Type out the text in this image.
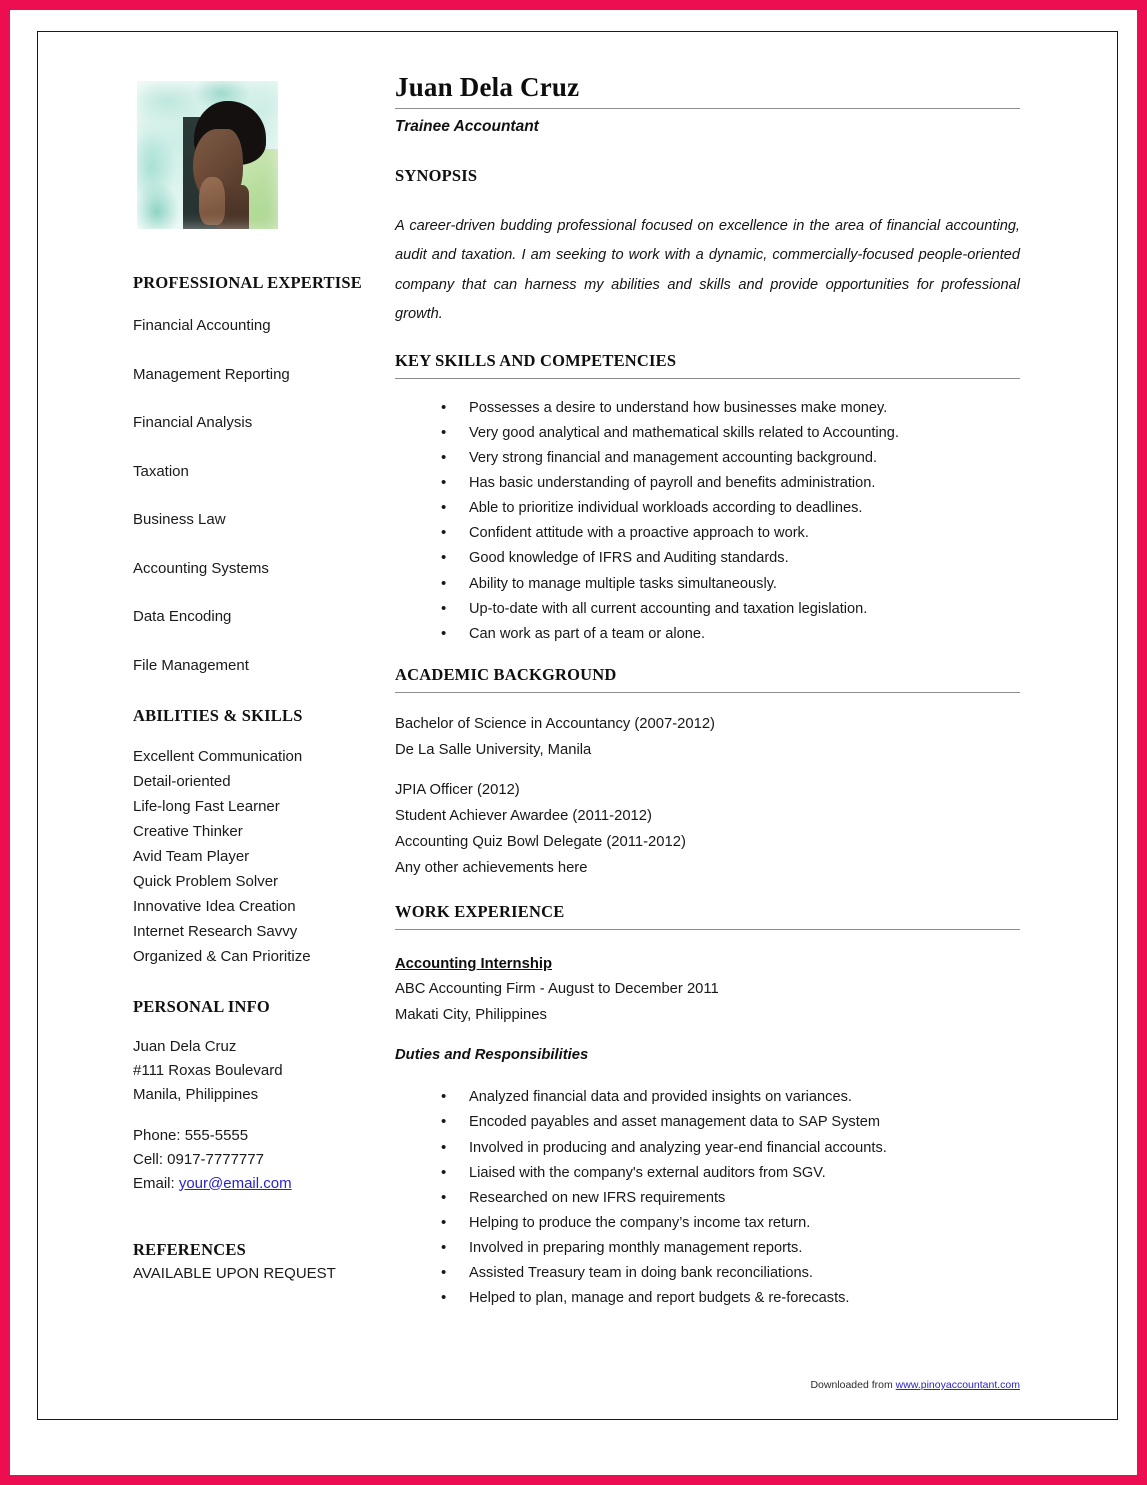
PROFESSIONAL EXPERTISE
Financial Accounting
Management Reporting
Financial Analysis
Taxation
Business Law
Accounting Systems
Data Encoding
File Management
ABILITIES & SKILLS
Excellent Communication
Detail-oriented
Life-long Fast Learner
Creative Thinker
Avid Team Player
Quick Problem Solver
Innovative Idea Creation
Internet Research Savvy
Organized & Can Prioritize
PERSONAL INFO
Juan Dela Cruz
#111 Roxas Boulevard
Manila, Philippines
Phone: 555-5555
Cell: 0917-7777777
Email: your@email.com
REFERENCES
AVAILABLE UPON REQUEST
Juan Dela Cruz
Trainee Accountant
SYNOPSIS
A career-driven budding professional focused on excellence in the area of financial accounting, audit and taxation. I am seeking to work with a dynamic, commercially-focused people-oriented company that can harness my abilities and skills and provide opportunities for professional growth.
KEY SKILLS AND COMPETENCIES
• Possesses a desire to understand how businesses make money.
• Very good analytical and mathematical skills related to Accounting.
• Very strong financial and management accounting background.
• Has basic understanding of payroll and benefits administration.
• Able to prioritize individual workloads according to deadlines.
• Confident attitude with a proactive approach to work.
• Good knowledge of IFRS and Auditing standards.
• Ability to manage multiple tasks simultaneously.
• Up-to-date with all current accounting and taxation legislation.
• Can work as part of a team or alone.
ACADEMIC BACKGROUND
Bachelor of Science in Accountancy (2007-2012)
De La Salle University, Manila
JPIA Officer (2012)
Student Achiever Awardee (2011-2012)
Accounting Quiz Bowl Delegate (2011-2012)
Any other achievements here
WORK EXPERIENCE
Accounting Internship
ABC Accounting Firm - August to December 2011
Makati City, Philippines
Duties and Responsibilities
• Analyzed financial data and provided insights on variances.
• Encoded payables and asset management data to SAP System
• Involved in producing and analyzing year-end financial accounts.
• Liaised with the company's external auditors from SGV.
• Researched on new IFRS requirements
• Helping to produce the company’s income tax return.
• Involved in preparing monthly management reports.
• Assisted Treasury team in doing bank reconciliations.
• Helped to plan, manage and report budgets & re-forecasts.
Downloaded from www.pinoyaccountant.com
